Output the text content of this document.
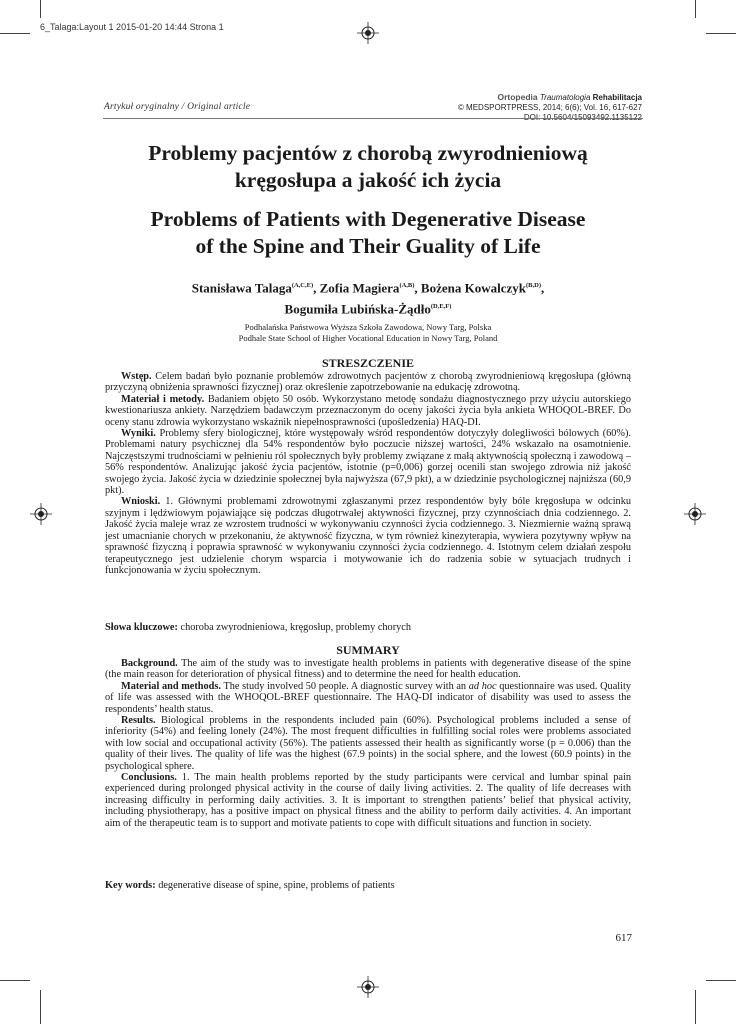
6_Talaga:Layout 1 2015-01-20 14:44 Strona 1
Ortopedia Traumatologia Rehabilitacja
© MEDSPORTPRESS, 2014; 6(6); Vol. 16, 617-627
Artykuł oryginalny / Original article
Problemy pacjentów z chorobą zwyrodnieniową
kręgosłupa a jakość ich życia
Problems of Patients with Degenerative Disease
of the Spine and Their Guality of Life
Stanisława Talaga$^{(A,C,E)}$, Zofia Magiera$^{(A,B)}$, Bożena Kowalczyk$^{(B,D)}$,
Bogumiła Lubińska-Żądło$^{(D,E,F)}$
Podhalańska Państwowa Wyższa Szkoła Zawodowa, Nowy Targ, Polska
Podhale State School of Higher Vocational Education in Nowy Targ, Poland
STRESZCZENIE

Wstęp. Celem badań było poznanie problemów zdrowotnych pacjentów z chorobą zwyrodnieniową kręgosłupa (główną przyczyną obniżenia sprawności fizycznej) oraz określenie zapotrzebowanie na edukację zdrowotną.

Materiał i metody. Badaniem objęto 50 osób. Wykorzystano metodę sondażu diagnostycznego przy użyciu autorskiego kwestionariusza ankiety. Narzędziem badawczym przeznaczonym do oceny jakości życia była ankieta WHOQOL-BREF. Do oceny stanu zdrowia wykorzystano wskaźnik niepełnosprawności (upośledzenia) HAQ-DI.

Wyniki. Problemy sfery biologicznej, które występowały wśród respondentów dotyczyły dolegliwości bólowych (60%). Problemami natury psychicznej dla 54% respondentów było poczucie niższej wartości, 24% wskazało na osamotnienie. Najczęstszymi trudnościami w pełnieniu ról społecznych były problemy związane z małą aktywnością społeczną i zawodową – 56% respondentów. Analizując jakość życia pacjentów, istotnie (p=0,006) gorzej ocenili stan swojego zdrowia niż jakość swojego życia. Jakość życia w dziedzinie społecznej była najwyższa (67,9 pkt), a w dziedzinie psychologicznej najniższa (60,9 pkt).

Wnioski. 1. Głównymi problemami zdrowotnymi zgłaszanymi przez respondentów były bóle kręgosłupa w odcinku szyjnym i lędźwiowym pojawiające się podczas długotrwałej aktywności fizycznej, przy czynnościach dnia codziennego. 2. Jakość życia maleje wraz ze wzrostem trudności w wykonywaniu czynności życia codziennego. 3. Niezmiernie ważną sprawą jest umacnianie chorych w przekonaniu, że aktywność fizyczna, w tym również kinezyterapia, wywiera pozytywny wpływ na sprawność fizyczną i poprawia sprawność w wykonywaniu czynności życia codziennego. 4. Istotnym celem działań zespołu terapeutycznego jest udzielenie chorym wsparcia i motywowanie ich do radzenia sobie w sytuacjach trudnych i funkcjonowania w życiu społecznym.

Słowa kluczowe: choroba zwyrodnieniowa, kręgosłup, problemy chorych
SUMMARY

Background. The aim of the study was to investigate health problems in patients with degenerative disease of the spine (the main reason for deterioration of physical fitness) and to determine the need for health education.

Material and methods. The study involved 50 people. A diagnostic survey with an ad hoc questionnaire was used. Quality of life was assessed with the WHOQOL-BREF questionnaire. The HAQ-DI indicator of disability was used to assess the respondents’ health status.

Results. Biological problems in the respondents included pain (60%). Psychological problems included a sense of inferiority (54%) and feeling lonely (24%). The most frequent difficulties in fulfilling social roles were problems associated with low social and occupational activity (56%). The patients assessed their health as significantly worse (p = 0.006) than the quality of their lives. The quality of life was the highest (67.9 points) in the social sphere, and the lowest (60.9 points) in the psychological sphere.

Conclusions. 1. The main health problems reported by the study participants were cervical and lumbar spinal pain experienced during prolonged physical activity in the course of daily living activities. 2. The quality of life decreases with increasing difficulty in performing daily activities. 3. It is important to strengthen patients’ belief that physical activity, including physiotherapy, has a positive impact on physical fitness and the ability to perform daily activities. 4. An important aim of the therapeutic team is to support and motivate patients to cope with difficult situations and function in society.

Key words: degenerative disease of spine, spine, problems of patients
617
